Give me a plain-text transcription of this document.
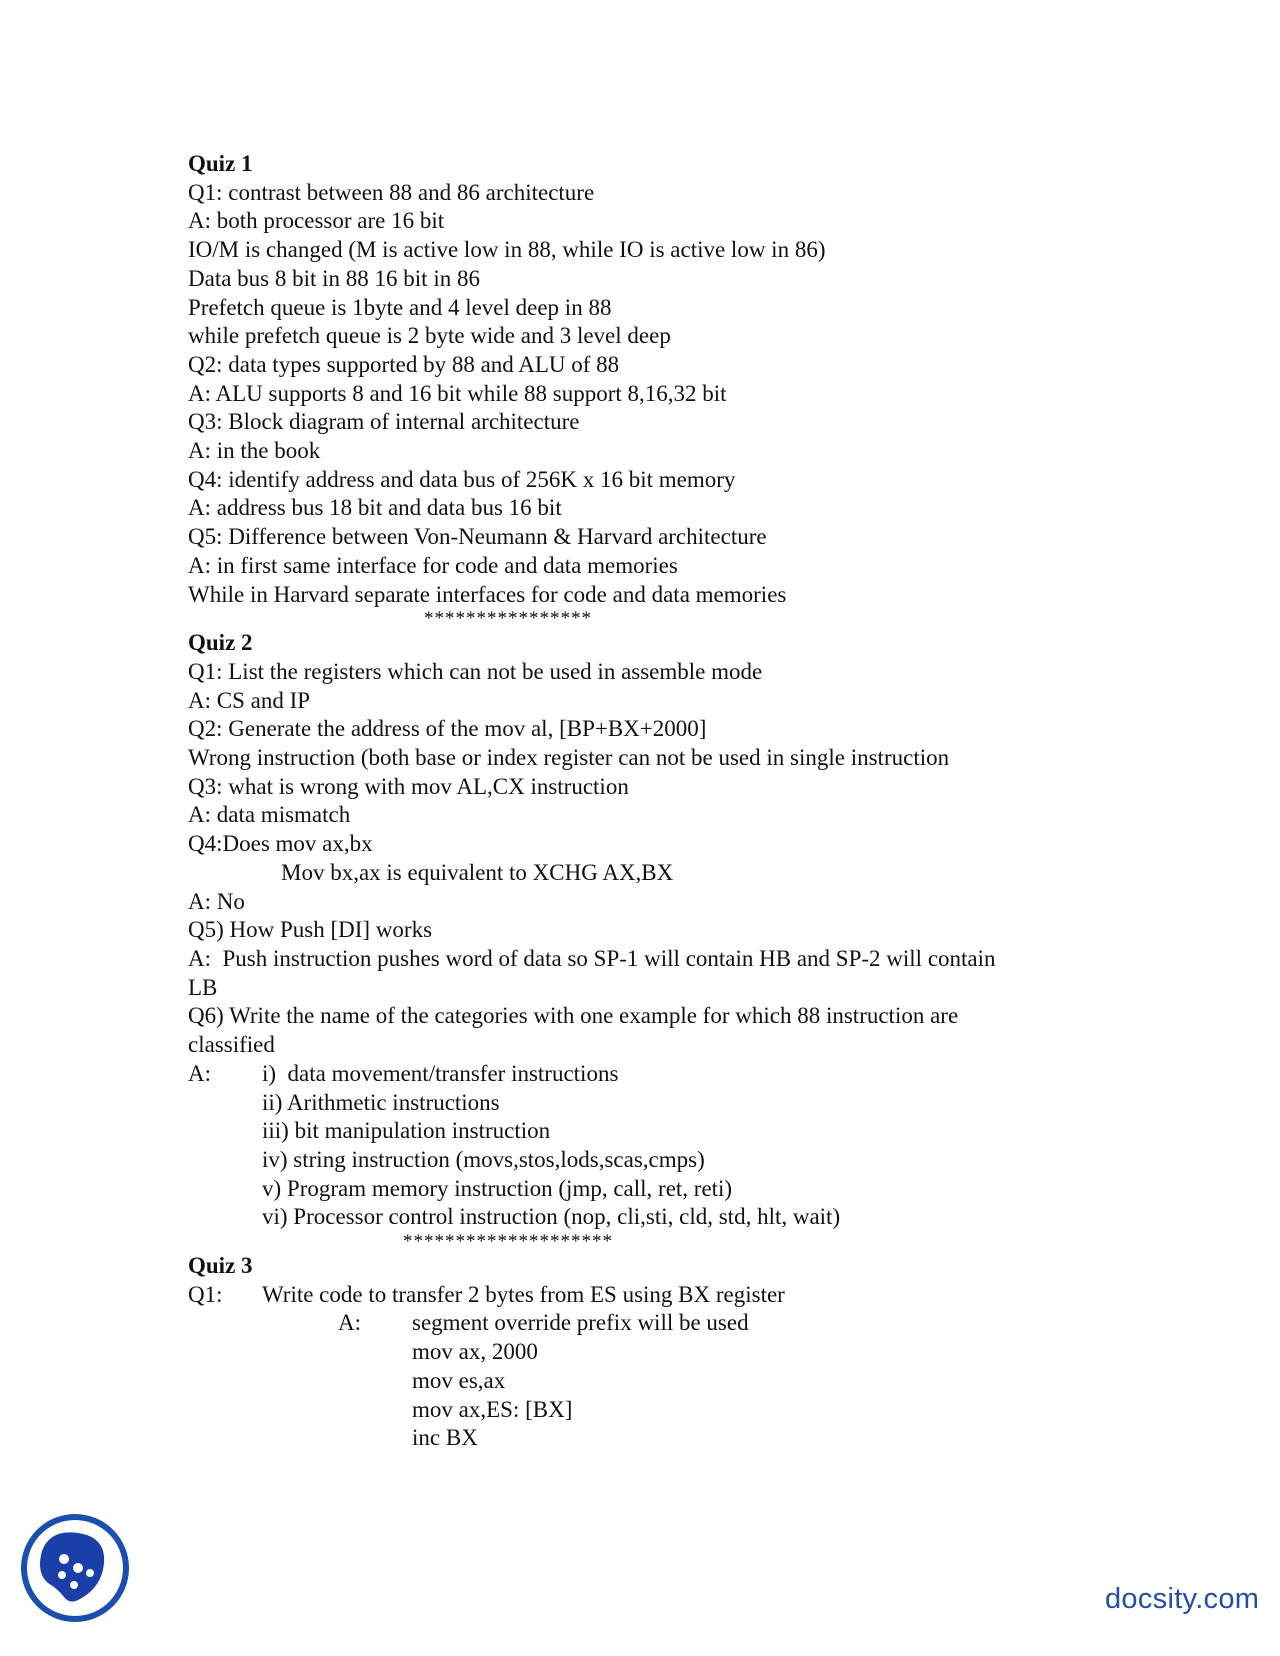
Quiz 1
Q1: contrast between 88 and 86 architecture
A: both processor are 16 bit
IO/M is changed (M is active low in 88, while IO is active low in 86)
Data bus 8 bit in 88 16 bit in 86
Prefetch queue is 1byte and 4 level deep in 88
while prefetch queue is 2 byte wide and 3 level deep
Q2: data types supported by 88 and ALU of 88
A: ALU supports 8 and 16 bit while 88 support 8,16,32 bit
Q3: Block diagram of internal architecture
A: in the book
Q4: identify address and data bus of 256K x 16 bit memory
A: address bus 18 bit and data bus 16 bit
Q5: Difference between Von-Neumann & Harvard architecture
A: in first same interface for code and data memories
While in Harvard separate interfaces for code and data memories
****************
Quiz 2
Q1: List the registers which can not be used in assemble mode
A: CS and IP
Q2: Generate the address of the mov al, [BP+BX+2000]
Wrong instruction (both base or index register can not be used in single instruction
Q3: what is wrong with mov AL,CX instruction
A: data mismatch
Q4:Does mov ax,bx
Mov bx,ax is equivalent to XCHG AX,BX
A: No
Q5) How Push [DI] works
A:  Push instruction pushes word of data so SP-1 will contain HB and SP-2 will contain
LB
Q6) Write the name of the categories with one example for which 88 instruction are
classified
A:	i)  data movement/transfer instructions
ii) Arithmetic instructions
iii) bit manipulation instruction
iv) string instruction (movs,stos,lods,scas,cmps)
v) Program memory instruction (jmp, call, ret, reti)
vi) Processor control instruction (nop, cli,sti, cld, std, hlt, wait)
********************
Quiz 3
Q1:	Write code to transfer 2 bytes from ES using BX register
A:	segment override prefix will be used
mov ax, 2000
mov es,ax
mov ax,ES: [BX]
inc BX
docsity.com
